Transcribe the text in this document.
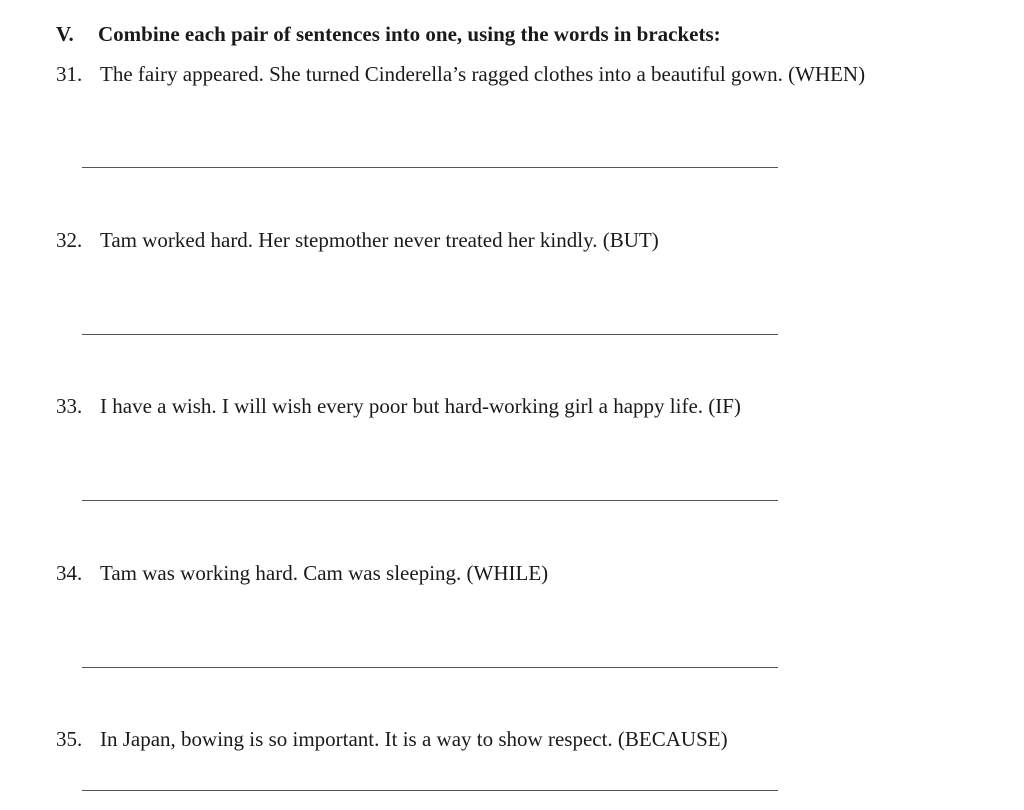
V. Combine each pair of sentences into one, using the words in brackets:
31. The fairy appeared. She turned Cinderella’s ragged clothes into a beautiful gown. (WHEN)
32. Tam worked hard. Her stepmother never treated her kindly. (BUT)
33. I have a wish. I will wish every poor but hard-working girl a happy life. (IF)
34. Tam was working hard. Cam was sleeping. (WHILE)
35. In Japan, bowing is so important. It is a way to show respect. (BECAUSE)
